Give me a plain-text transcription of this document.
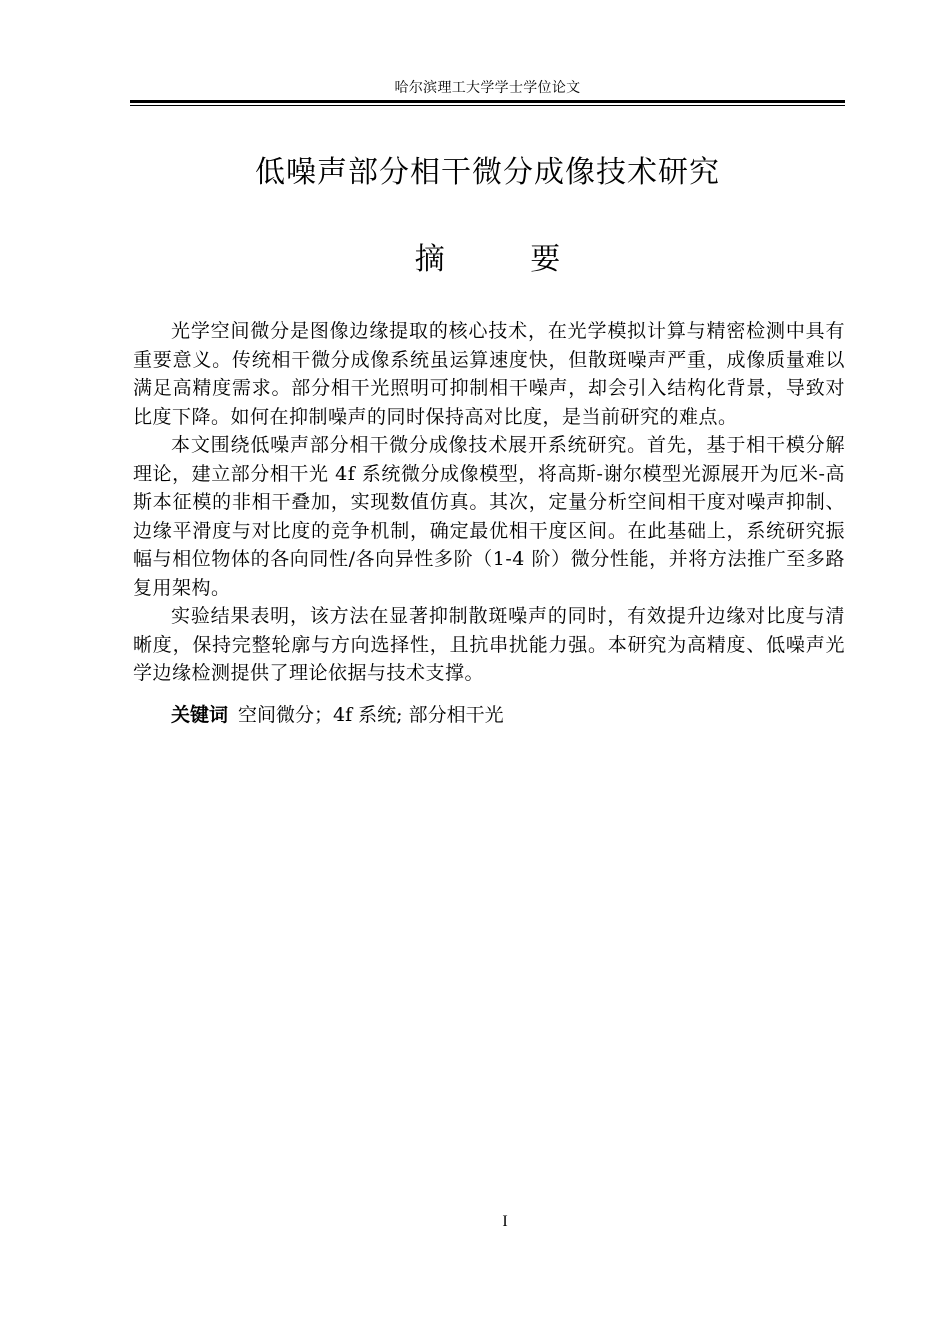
哈尔滨理工大学学士学位论文
低噪声部分相干微分成像技术研究
摘 要

光学空间微分是图像边缘提取的核心技术，在光学模拟计算与精密检测中具有重要意义。传统相干微分成像系统虽运算速度快，但散斑噪声严重，成像质量难以满足高精度需求。部分相干光照明可抑制相干噪声，却会引入结构化背景，导致对比度下降。如何在抑制噪声的同时保持高对比度，是当前研究的难点。

本文围绕低噪声部分相干微分成像技术展开系统研究。首先，基于相干模分解理论，建立部分相干光 4f 系统微分成像模型，将高斯-谢尔模型光源展开为厄米-高斯本征模的非相干叠加，实现数值仿真。其次，定量分析空间相干度对噪声抑制、边缘平滑度与对比度的竞争机制，确定最优相干度区间。在此基础上，系统研究振幅与相位物体的各向同性/各向异性多阶（1-4 阶）微分性能，并将方法推广至多路复用架构。

实验结果表明，该方法在显著抑制散斑噪声的同时，有效提升边缘对比度与清晰度，保持完整轮廓与方向选择性，且抗串扰能力强。本研究为高精度、低噪声光学边缘检测提供了理论依据与技术支撑。

关键词 空间微分；4f 系统; 部分相干光
I
